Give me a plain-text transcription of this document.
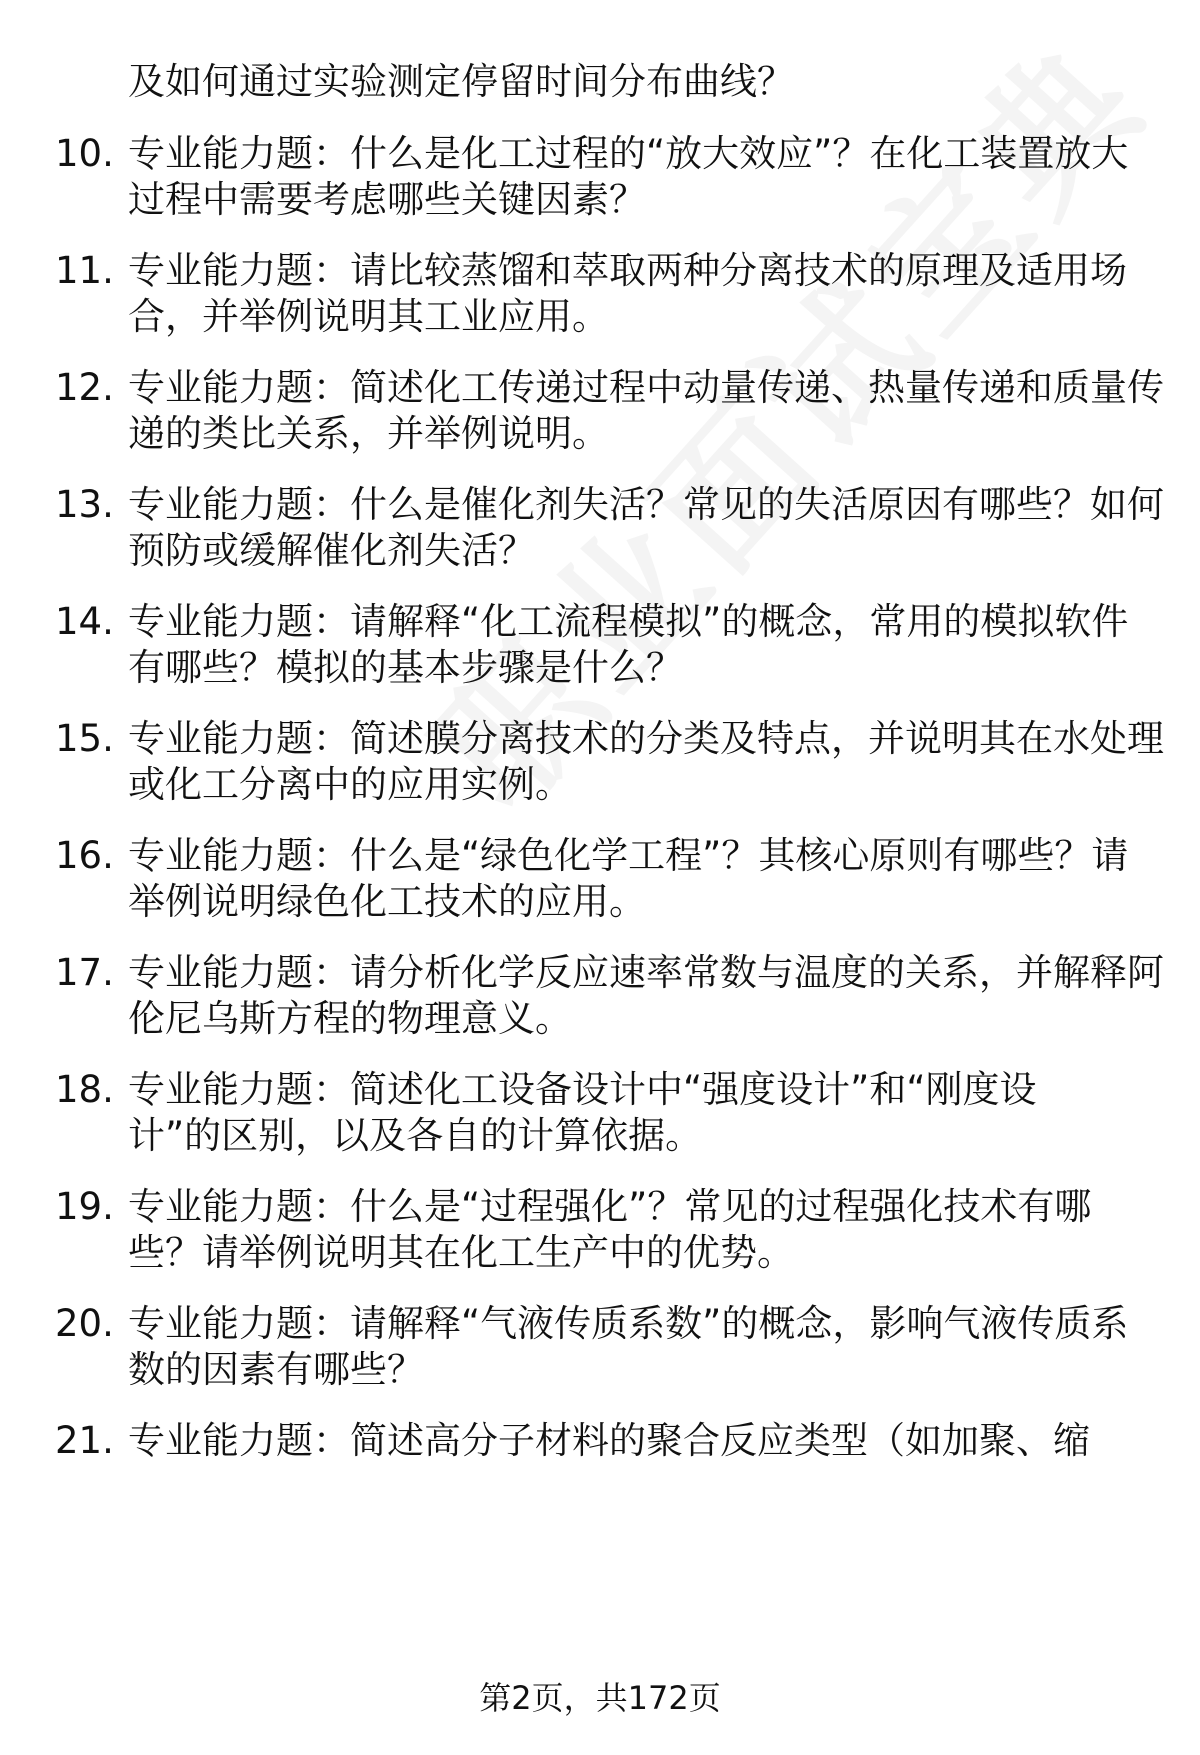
及如何通过实验测定停留时间分布曲线？
10. 专业能力题：什么是化工过程的“放大效应”？在化工装置放大
过程中需要考虑哪些关键因素？
11. 专业能力题：请比较蒸馏和萃取两种分离技术的原理及适用场
合，并举例说明其工业应用。
12. 专业能力题：简述化工传递过程中动量传递、热量传递和质量传
递的类比关系，并举例说明。
13. 专业能力题：什么是催化剂失活？常见的失活原因有哪些？如何
预防或缓解催化剂失活？
14. 专业能力题：请解释“化工流程模拟”的概念，常用的模拟软件
有哪些？模拟的基本步骤是什么？
15. 专业能力题：简述膜分离技术的分类及特点，并说明其在水处理
或化工分离中的应用实例。
16. 专业能力题：什么是“绿色化学工程”？其核心原则有哪些？请
举例说明绿色化工技术的应用。
17. 专业能力题：请分析化学反应速率常数与温度的关系，并解释阿
伦尼乌斯方程的物理意义。
18. 专业能力题：简述化工设备设计中“强度设计”和“刚度设
计”的区别，以及各自的计算依据。
19. 专业能力题：什么是“过程强化”？常见的过程强化技术有哪
些？请举例说明其在化工生产中的优势。
20. 专业能力题：请解释“气液传质系数”的概念，影响气液传质系
数的因素有哪些？
21. 专业能力题：简述高分子材料的聚合反应类型（如加聚、缩
第2页，共172页
